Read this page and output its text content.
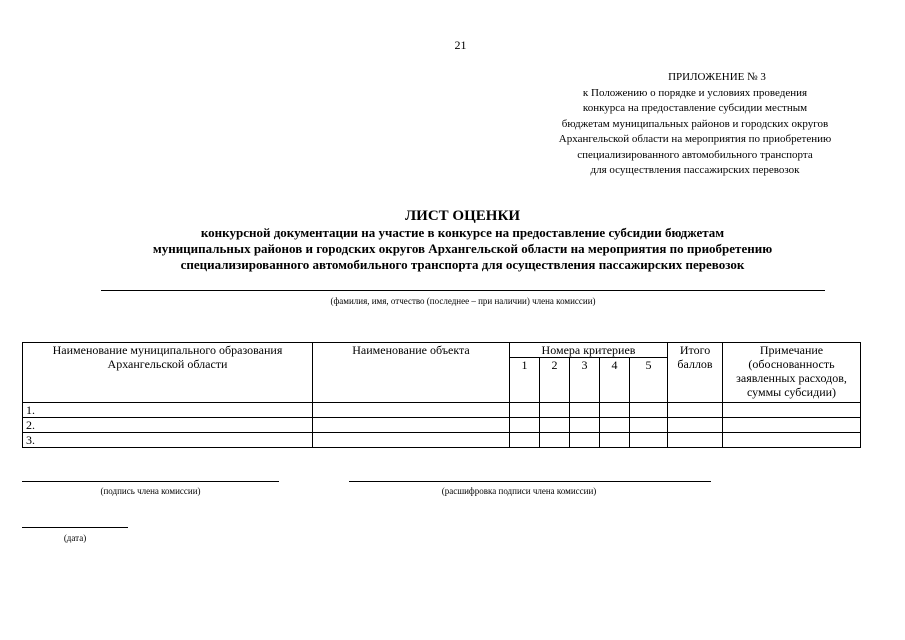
21
ПРИЛОЖЕНИЕ № 3
к Положению о порядке и условиях проведения
конкурса на предоставление субсидии местным
бюджетам муниципальных районов и городских округов
Архангельской области на мероприятия по приобретению
специализированного автомобильного транспорта
для осуществления пассажирских перевозок
ЛИСТ ОЦЕНКИ
конкурсной документации на участие в конкурсе на предоставление субсидии бюджетам
муниципальных районов и городских округов Архангельской области на мероприятия по приобретению
специализированного автомобильного транспорта для осуществления пассажирских перевозок
(фамилия, имя, отчество (последнее – при наличии) члена комиссии)
Наименование муниципального образования Архангельской области	Наименование объекта	Номера критериев					Итого баллов	Примечание (обоснованность заявленных расходов, суммы субсидии)
		1	2	3	4	5		
1.								
2.								
3.								
(подпись члена комиссии)	(расшифровка подписи члена комиссии)
(дата)
